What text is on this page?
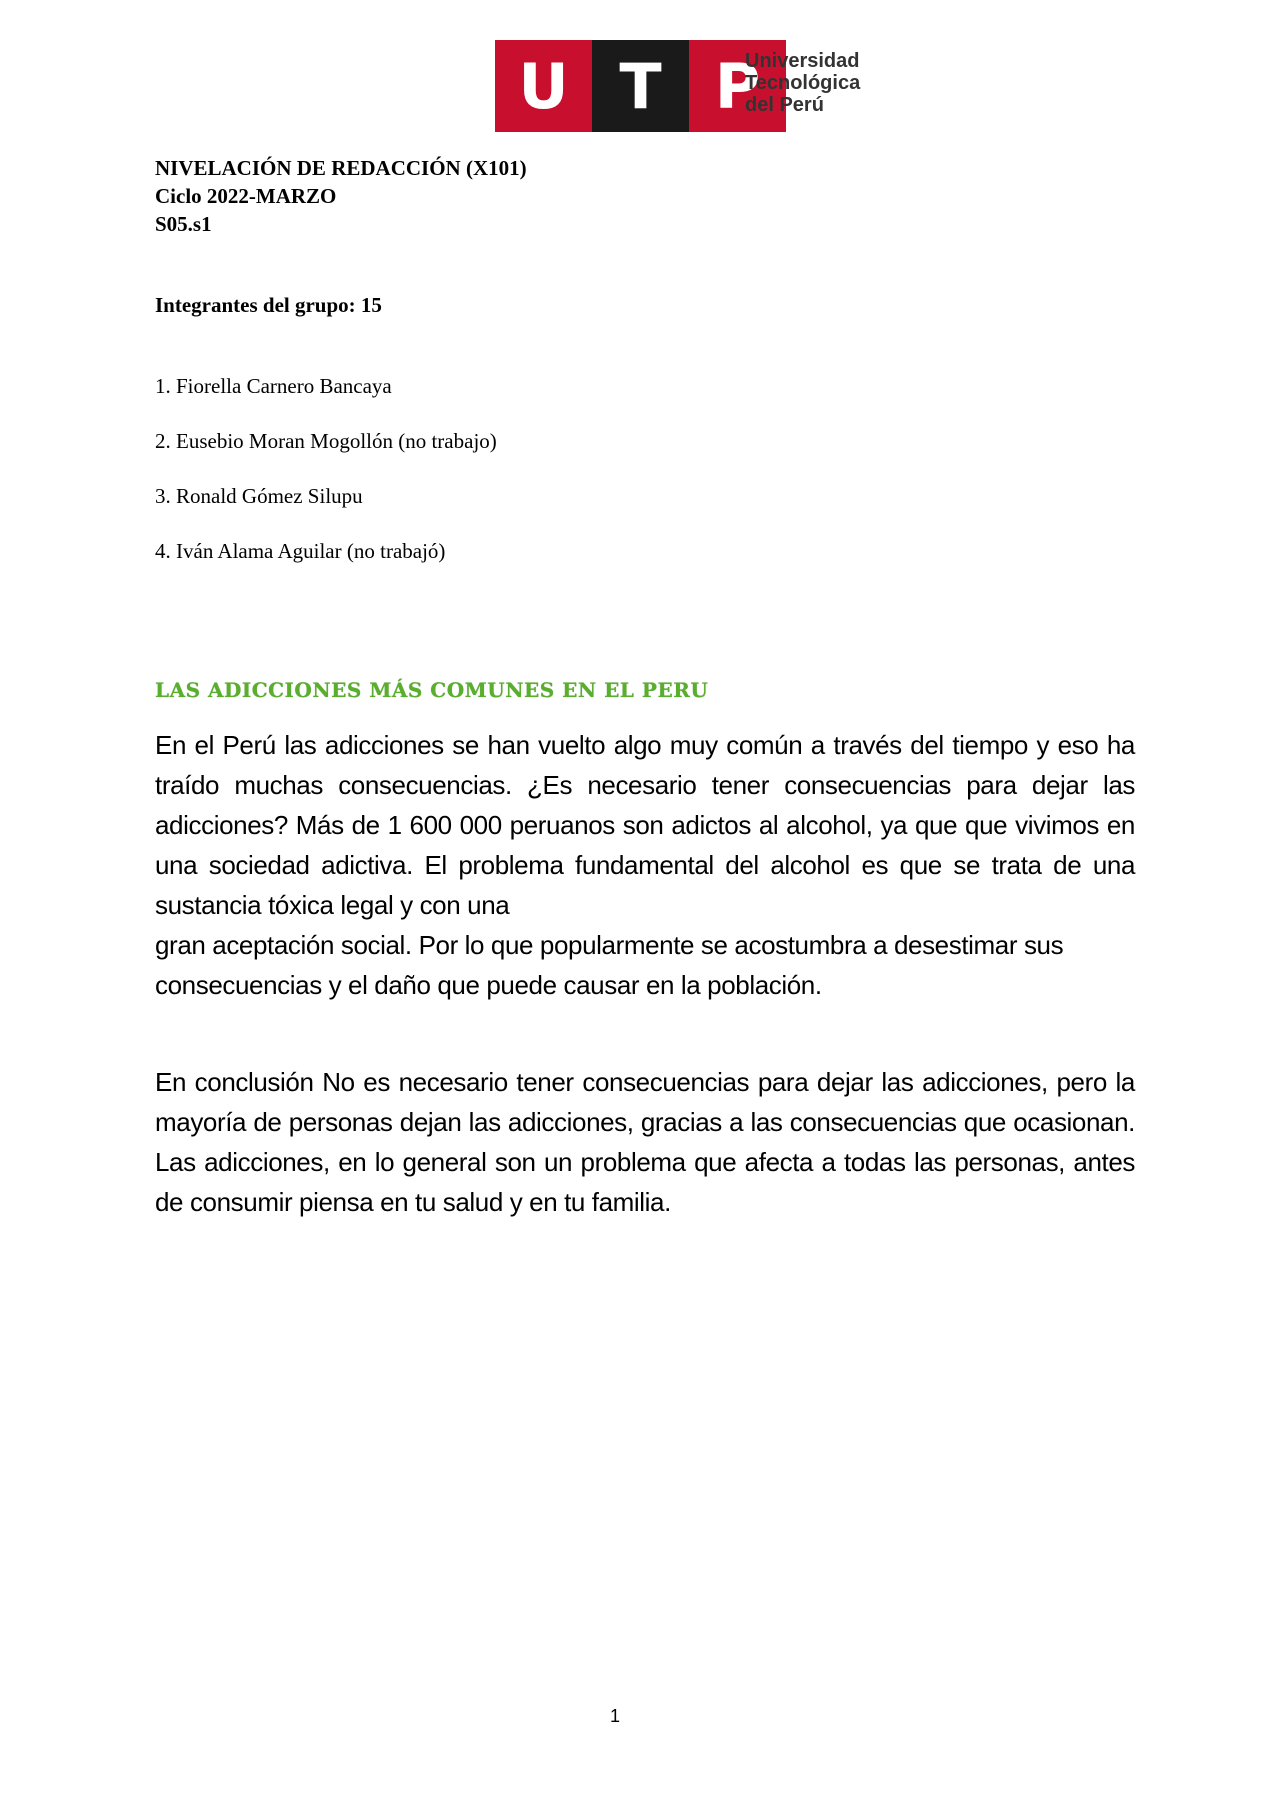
U T P
Universidad
Tecnológica
del Perú
NIVELACIÓN DE REDACCIÓN (X101)
Ciclo 2022-MARZO
S05.s1
Integrantes del grupo: 15
1. Fiorella Carnero Bancaya
2. Eusebio Moran Mogollón (no trabajo)
3. Ronald Gómez Silupu
4. Iván Alama Aguilar (no trabajó)
LAS ADICCIONES MÁS COMUNES EN EL PERU
En el Perú las adicciones se han vuelto algo muy común a través del tiempo y eso ha traído muchas consecuencias. ¿Es necesario tener consecuencias para dejar las adicciones? Más de 1 600 000 peruanos son adictos al alcohol, ya que que vivimos en una sociedad adictiva. El problema fundamental del alcohol es que se trata de una sustancia tóxica legal y con una
gran aceptación social. Por lo que popularmente se acostumbra a desestimar sus
consecuencias y el daño que puede causar en la población.
En conclusión No es necesario tener consecuencias para dejar las adicciones, pero la mayoría de personas dejan las adicciones, gracias a las consecuencias que ocasionan. Las adicciones, en lo general son un problema que afecta a todas las personas, antes de consumir piensa en tu salud y en tu familia.
1
